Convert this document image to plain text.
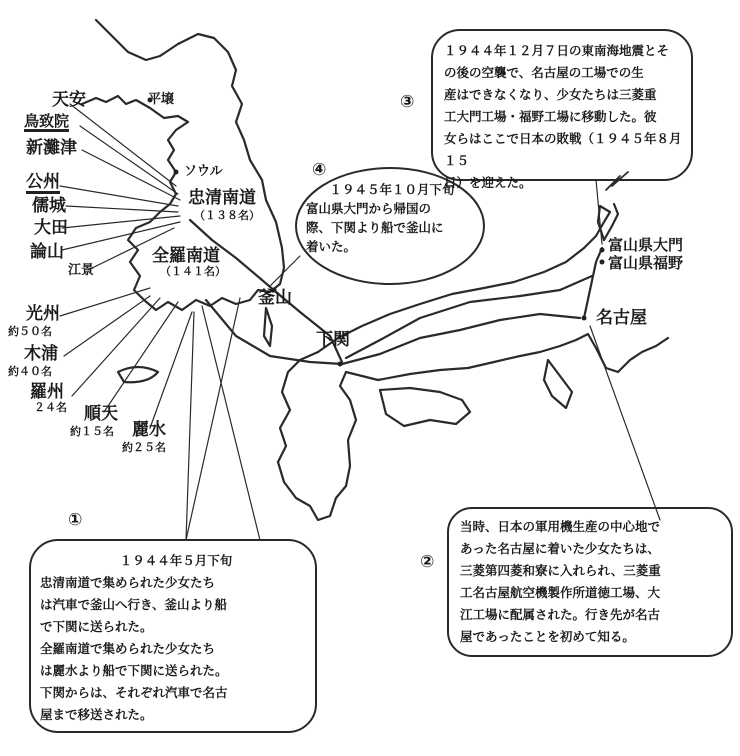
平壌
ソウル
忠清南道
（１３８名）
全羅南道
（１４１名）
釜山
天安
鳥致院
新灘津
公州
儒城
大田
論山
江景
光州
約５０名
木浦
約４０名
羅州
２４名 順天
約１５名 麗水
約２５名
下関
名古屋
富山県大門
富山県福野
④
１９４５年１０月下旬
富山県大門から帰国の
際、下関より船で釜山に
着いた。
③
１９４４年１２月７日の東南海地震とそ
の後の空襲で、名古屋の工場での生
産はできなくなり、少女たちは三菱重
工大門工場・福野工場に移動した。彼
女らはここで日本の敗戦（１９４５年８月１５
日）を迎えた。
②
当時、日本の軍用機生産の中心地で
あった名古屋に着いた少女たちは、
三菱第四菱和寮に入れられ、三菱重
工名古屋航空機製作所道徳工場、大
江工場に配属された。行き先が名古
屋であったことを初めて知る。
①
１９４４年５月下旬
忠清南道で集められた少女たち
は汽車で釜山へ行き、釜山より船
で下関に送られた。
全羅南道で集められた少女たち
は麗水より船で下関に送られた。
下関からは、それぞれ汽車で名古
屋まで移送された。
